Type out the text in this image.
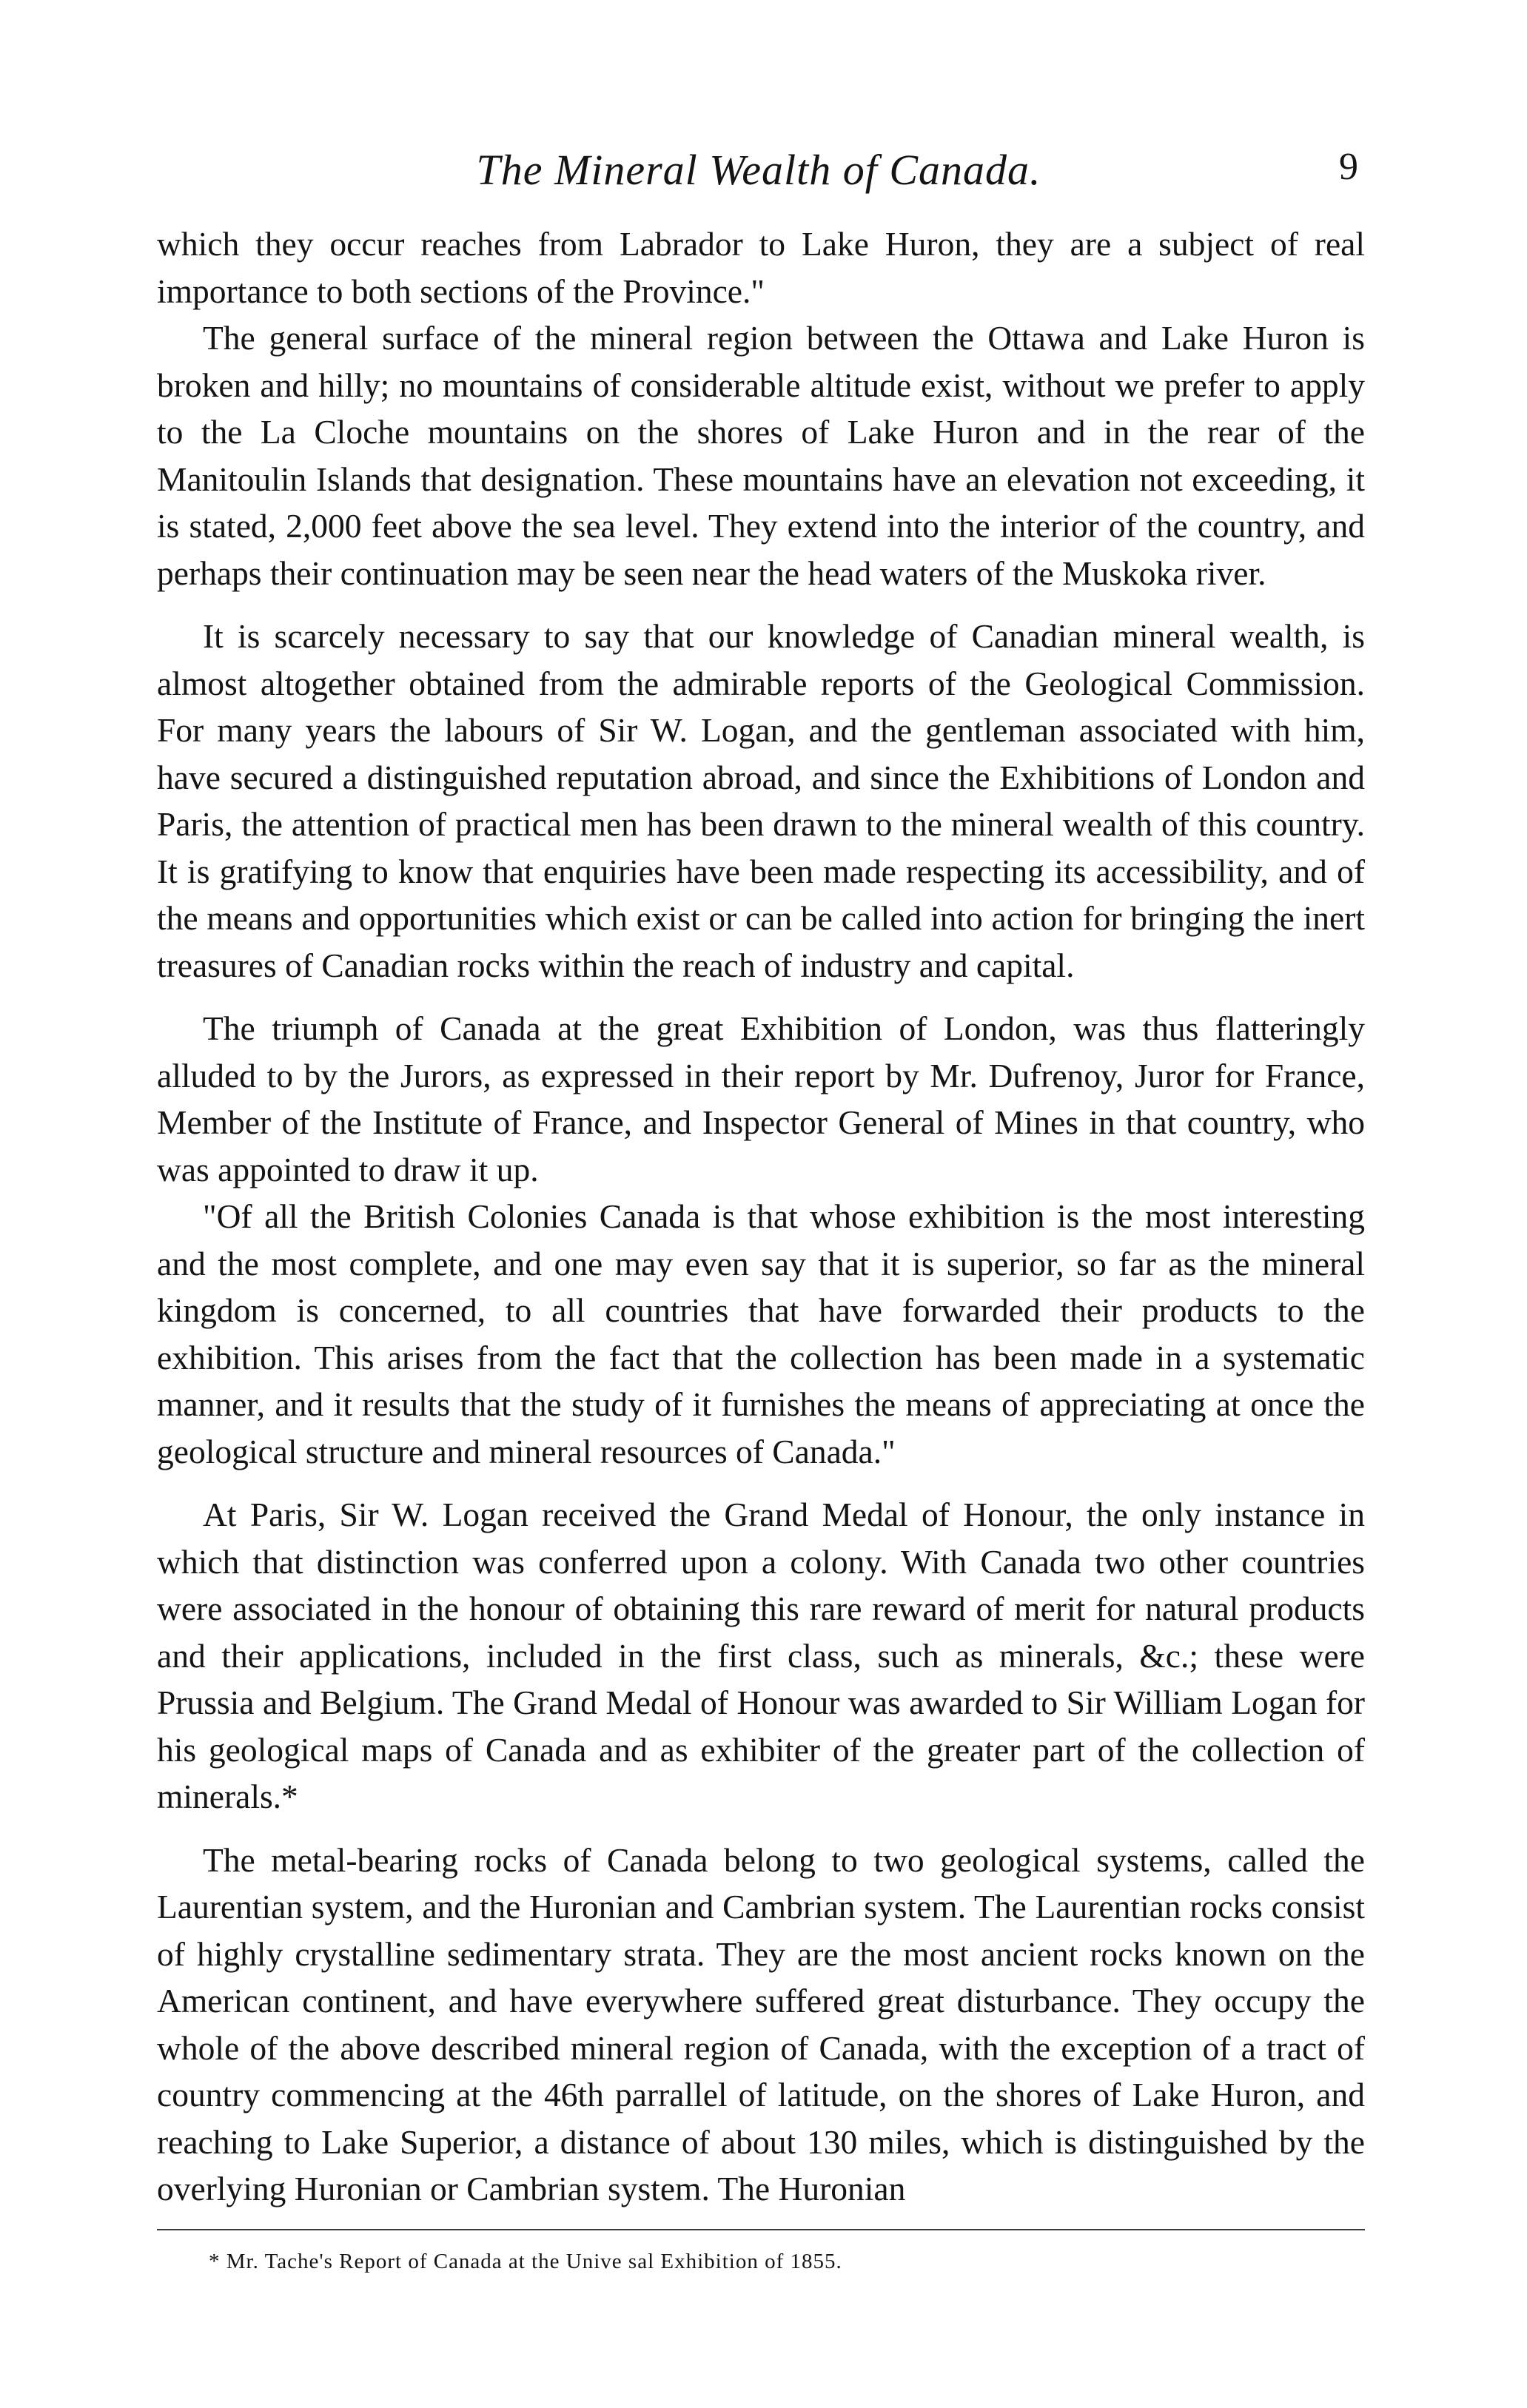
The Mineral Wealth of Canada.	9

which they occur reaches from Labrador to Lake Huron, they are a subject of real importance to both sections of the Province."

The general surface of the mineral region between the Ottawa and Lake Huron is broken and hilly; no mountains of considerable altitude exist, without we prefer to apply to the La Cloche mountains on the shores of Lake Huron and in the rear of the Manitoulin Islands that designation. These mountains have an elevation not exceeding, it is stated, 2,000 feet above the sea level. They extend into the interior of the country, and perhaps their continuation may be seen near the head waters of the Muskoka river.

It is scarcely necessary to say that our knowledge of Canadian mineral wealth, is almost altogether obtained from the admirable reports of the Geological Commission. For many years the labours of Sir W. Logan, and the gentleman associated with him, have secured a distinguished reputation abroad, and since the Exhibitions of London and Paris, the attention of practical men has been drawn to the mineral wealth of this country. It is gratifying to know that enquiries have been made respecting its accessibility, and of the means and opportunities which exist or can be called into action for bringing the inert treasures of Canadian rocks within the reach of industry and capital.

The triumph of Canada at the great Exhibition of London, was thus flatteringly alluded to by the Jurors, as expressed in their report by Mr. Dufrenoy, Juror for France, Member of the Institute of France, and Inspector General of Mines in that country, who was appointed to draw it up.

"Of all the British Colonies Canada is that whose exhibition is the most interesting and the most complete, and one may even say that it is superior, so far as the mineral kingdom is concerned, to all countries that have forwarded their products to the exhibition. This arises from the fact that the collection has been made in a systematic manner, and it results that the study of it furnishes the means of appreciating at once the geological structure and mineral resources of Canada."

At Paris, Sir W. Logan received the Grand Medal of Honour, the only instance in which that distinction was conferred upon a colony. With Canada two other countries were associated in the honour of obtaining this rare reward of merit for natural products and their applications, included in the first class, such as minerals, &c.; these were Prussia and Belgium. The Grand Medal of Honour was awarded to Sir William Logan for his geological maps of Canada and as exhibiter of the greater part of the collection of minerals.*

The metal-bearing rocks of Canada belong to two geological systems, called the Laurentian system, and the Huronian and Cambrian system. The Laurentian rocks consist of highly crystalline sedimentary strata. They are the most ancient rocks known on the American continent, and have everywhere suffered great disturbance. They occupy the whole of the above described mineral region of Canada, with the exception of a tract of country commencing at the 46th parrallel of latitude, on the shores of Lake Huron, and reaching to Lake Superior, a distance of about 130 miles, which is distinguished by the overlying Huronian or Cambrian system. The Huronian

* Mr. Tache's Report of Canada at the Unive sal Exhibition of 1855.
